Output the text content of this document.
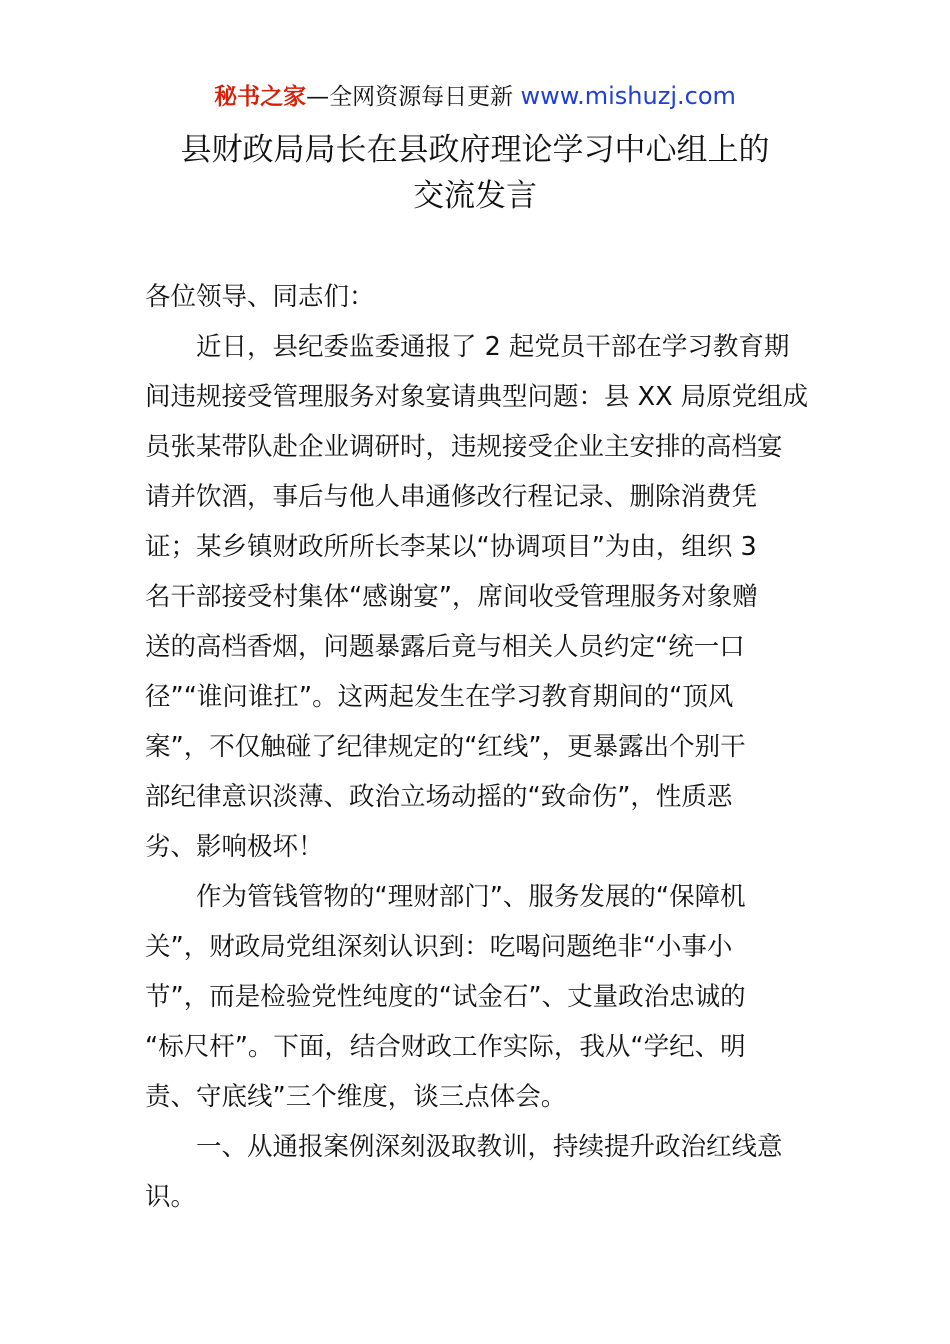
秘书之家—全网资源每日更新 www.mishuzj.com
县财政局局长在县政府理论学习中心组上的
交流发言
各位领导、同志们：
近日，县纪委监委通报了 2 起党员干部在学习教育期
间违规接受管理服务对象宴请典型问题：县 XX 局原党组成
员张某带队赴企业调研时，违规接受企业主安排的高档宴
请并饮酒，事后与他人串通修改行程记录、删除消费凭
证；某乡镇财政所所长李某以“协调项目”为由，组织 3
名干部接受村集体“感谢宴”，席间收受管理服务对象赠
送的高档香烟，问题暴露后竟与相关人员约定“统一口
径”“谁问谁扛”。这两起发生在学习教育期间的“顶风
案”，不仅触碰了纪律规定的“红线”，更暴露出个别干
部纪律意识淡薄、政治立场动摇的“致命伤”，性质恶
劣、影响极坏！
作为管钱管物的“理财部门”、服务发展的“保障机
关”，财政局党组深刻认识到：吃喝问题绝非“小事小
节”，而是检验党性纯度的“试金石”、丈量政治忠诚的
“标尺杆”。下面，结合财政工作实际，我从“学纪、明
责、守底线”三个维度，谈三点体会。
一、从通报案例深刻汲取教训，持续提升政治红线意
识。
